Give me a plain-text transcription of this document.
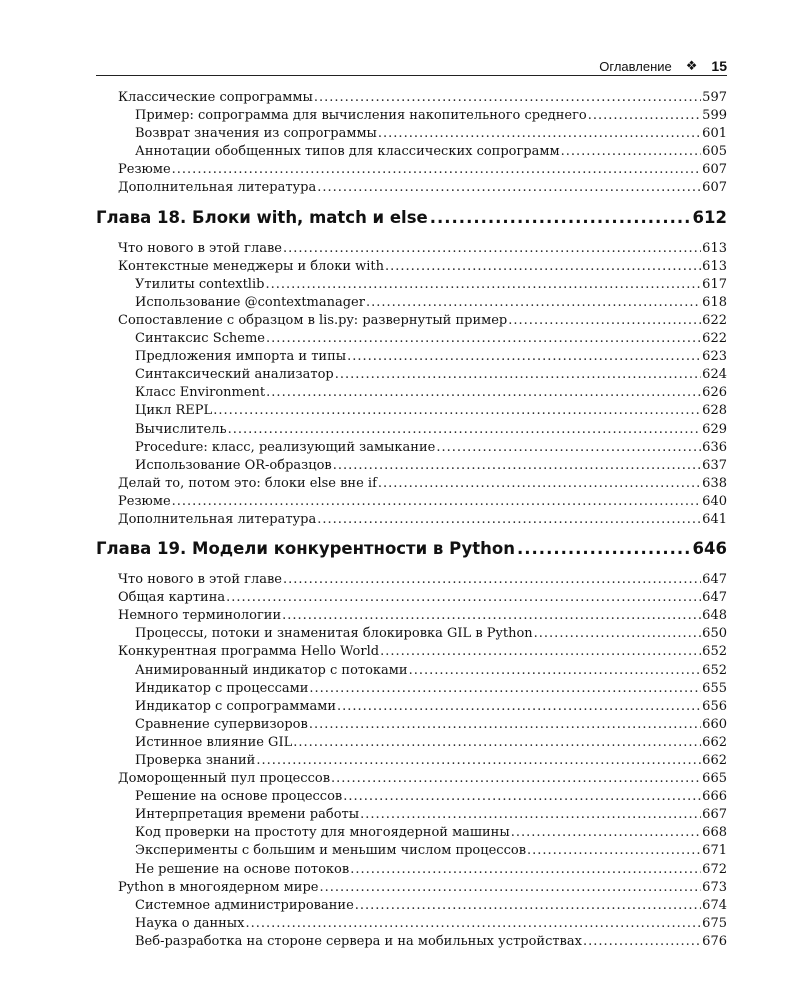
Оглавление ❖ 15
Классические сопрограммы .....	597
Пример: сопрограмма для вычисления накопительного среднего .....	599
Возврат значения из сопрограммы .....	601
Аннотации обобщенных типов для классических сопрограмм .....	605
Резюме .....	607
Дополнительная литература .....	607
Глава 18. Блоки with, match и else .....	612
Что нового в этой главе .....	613
Контекстные менеджеры и блоки with .....	613
Утилиты contextlib .....	617
Использование @contextmanager .....	618
Сопоставление с образцом в lis.py: развернутый пример .....	622
Синтаксис Scheme .....	622
Предложения импорта и типы .....	623
Синтаксический анализатор .....	624
Класс Environment .....	626
Цикл REPL .....	628
Вычислитель .....	629
Procedure: класс, реализующий замыкание .....	636
Использование OR-образцов .....	637
Делай то, потом это: блоки else вне if .....	638
Резюме .....	640
Дополнительная литература .....	641
Глава 19. Модели конкурентности в Python .....	646
Что нового в этой главе .....	647
Общая картина .....	647
Немного терминологии .....	648
Процессы, потоки и знаменитая блокировка GIL в Python .....	650
Конкурентная программа Hello World .....	652
Анимированный индикатор с потоками .....	652
Индикатор с процессами .....	655
Индикатор с сопрограммами .....	656
Сравнение супервизоров .....	660
Истинное влияние GIL .....	662
Проверка знаний .....	662
Доморощенный пул процессов .....	665
Решение на основе процессов .....	666
Интерпретация времени работы .....	667
Код проверки на простоту для многоядерной машины .....	668
Эксперименты с большим и меньшим числом процессов .....	671
Не решение на основе потоков .....	672
Python в многоядерном мире .....	673
Системное администрирование .....	674
Наука о данных .....	675
Веб-разработка на стороне сервера и на мобильных устройствах .....	676
